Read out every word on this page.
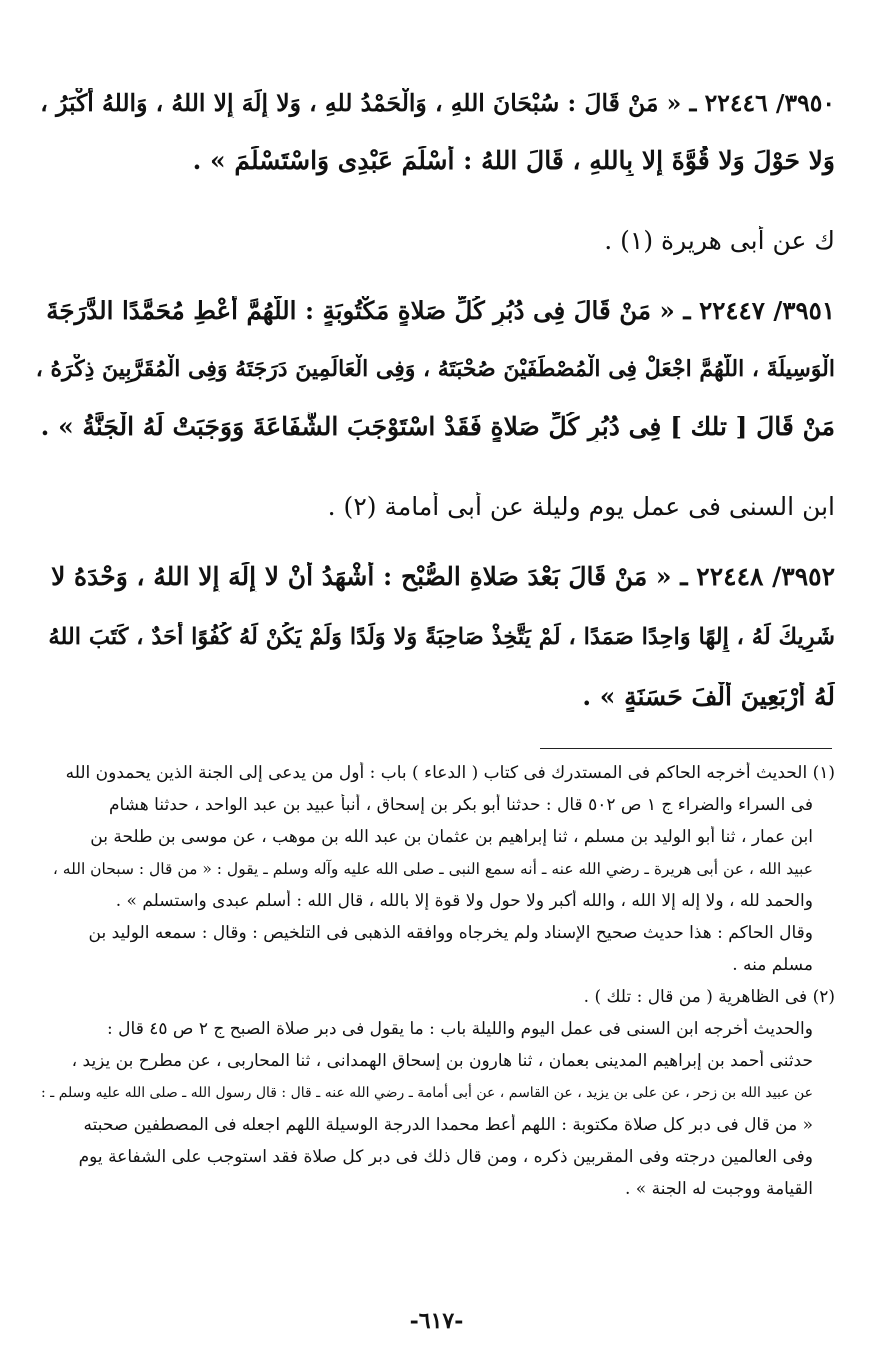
٣٩٥٠/ ٢٢٤٤٦ ـ « مَنْ قَالَ : سُبْحَانَ اللهِ ، وَالْحَمْدُ للهِ ، وَلا إِلَهَ إِلا اللهُ ، وَاللهُ أَكْبَرُ ،
وَلا حَوْلَ وَلا قُوَّةَ إِلا بِاللهِ ، قَالَ اللهُ : أَسْلَمَ عَبْدِى وَاسْتَسْلَمَ » .
ك عن أبى هريرة (١) .
٣٩٥١/ ٢٢٤٤٧ ـ « مَنْ قَالَ فِى دُبُرِ كُلِّ صَلاةٍ مَكْتُوبَةٍ : اللَّهُمَّ أَعْطِ مُحَمَّدًا الدَّرَجَةَ
الْوَسِيلَةَ ، اللَّهُمَّ اجْعَلْ فِى الْمُصْطَفَيْنَ صُحْبَتَهُ ، وَفِى الْعَالَمِينَ دَرَجَتَهُ وَفِى الْمُقَرَّبِينَ ذِكْرَهُ ،
مَنْ قَالَ [ تلك ] فِى دُبُرِ كُلِّ صَلاةٍ فَقَدْ اسْتَوْجَبَ الشَّفَاعَةَ وَوَجَبَتْ لَهُ الْجَنَّةُ » .
ابن السنى فى عمل يوم وليلة عن أبى أُمامة (٢) .
٣٩٥٢/ ٢٢٤٤٨ ـ « مَنْ قَالَ بَعْدَ صَلاةِ الصُّبْحِ : أَشْهَدُ أَنْ لا إِلَهَ إِلا اللهُ ، وَحْدَهُ لا
شَرِيكَ لَهُ ، إِلهًا وَاحِدًا صَمَدًا ، لَمْ يَتَّخِذْ صَاحِبَةً وَلا وَلَدًا وَلَمْ يَكُنْ لَهُ كُفُوًا أَحَدٌ ، كَتَبَ اللهُ
لَهُ أَرْبَعِينَ أَلْفَ حَسَنَةٍ » .
(١) الحديث أخرجه الحاكم فى المستدرك فى كتاب ( الدعاء ) باب : أول من يدعى إلى الجنة الذين يحمدون الله
فى السراء والضراء ج ١ ص ٥٠٢ قال : حدثنا أبو بكر بن إسحاق ، أنبأ عبيد بن عبد الواحد ، حدثنا هشام
ابن عمار ، ثنا أبو الوليد بن مسلم ، ثنا إبراهيم بن عثمان بن عبد الله بن موهب ، عن موسى بن طلحة بن
عبيد الله ، عن أبى هريرة ـ رضي الله عنه ـ أنه سمع النبى ـ صلى الله عليه وآله وسلم ـ يقول : « من قال : سبحان الله ،
والحمد لله ، ولا إله إلا الله ، والله أكبر ولا حول ولا قوة إلا بالله ، قال الله : أسلم عبدى واستسلم » .
وقال الحاكم : هذا حديث صحيح الإسناد ولم يخرجاه ووافقه الذهبى فى التلخيص : وقال : سمعه الوليد بن
مسلم منه .
(٢) فى الظاهرية ( من قال : تلك ) .
والحديث أخرجه ابن السنى فى عمل اليوم والليلة باب : ما يقول فى دبر صلاة الصبح ج ٢ ص ٤٥ قال :
حدثنى أحمد بن إبراهيم المدينى بعمان ، ثنا هارون بن إسحاق الهمدانى ، ثنا المحاربى ، عن مطرح بن يزيد ،
عن عبيد الله بن زحر ، عن على بن يزيد ، عن القاسم ، عن أبى أمامة ـ رضي الله عنه ـ قال : قال رسول الله ـ صلى الله عليه وسلم ـ :
« من قال فى دبر كل صلاة مكتوبة : اللهم أعط محمدا الدرجة الوسيلة اللهم اجعله فى المصطفين صحبته
وفى العالمين درجته وفى المقربين ذكره ، ومن قال ذلك فى دبر كل صلاة فقد استوجب على الشفاعة يوم
القيامة ووجبت له الجنة » .
-٦١٧-
